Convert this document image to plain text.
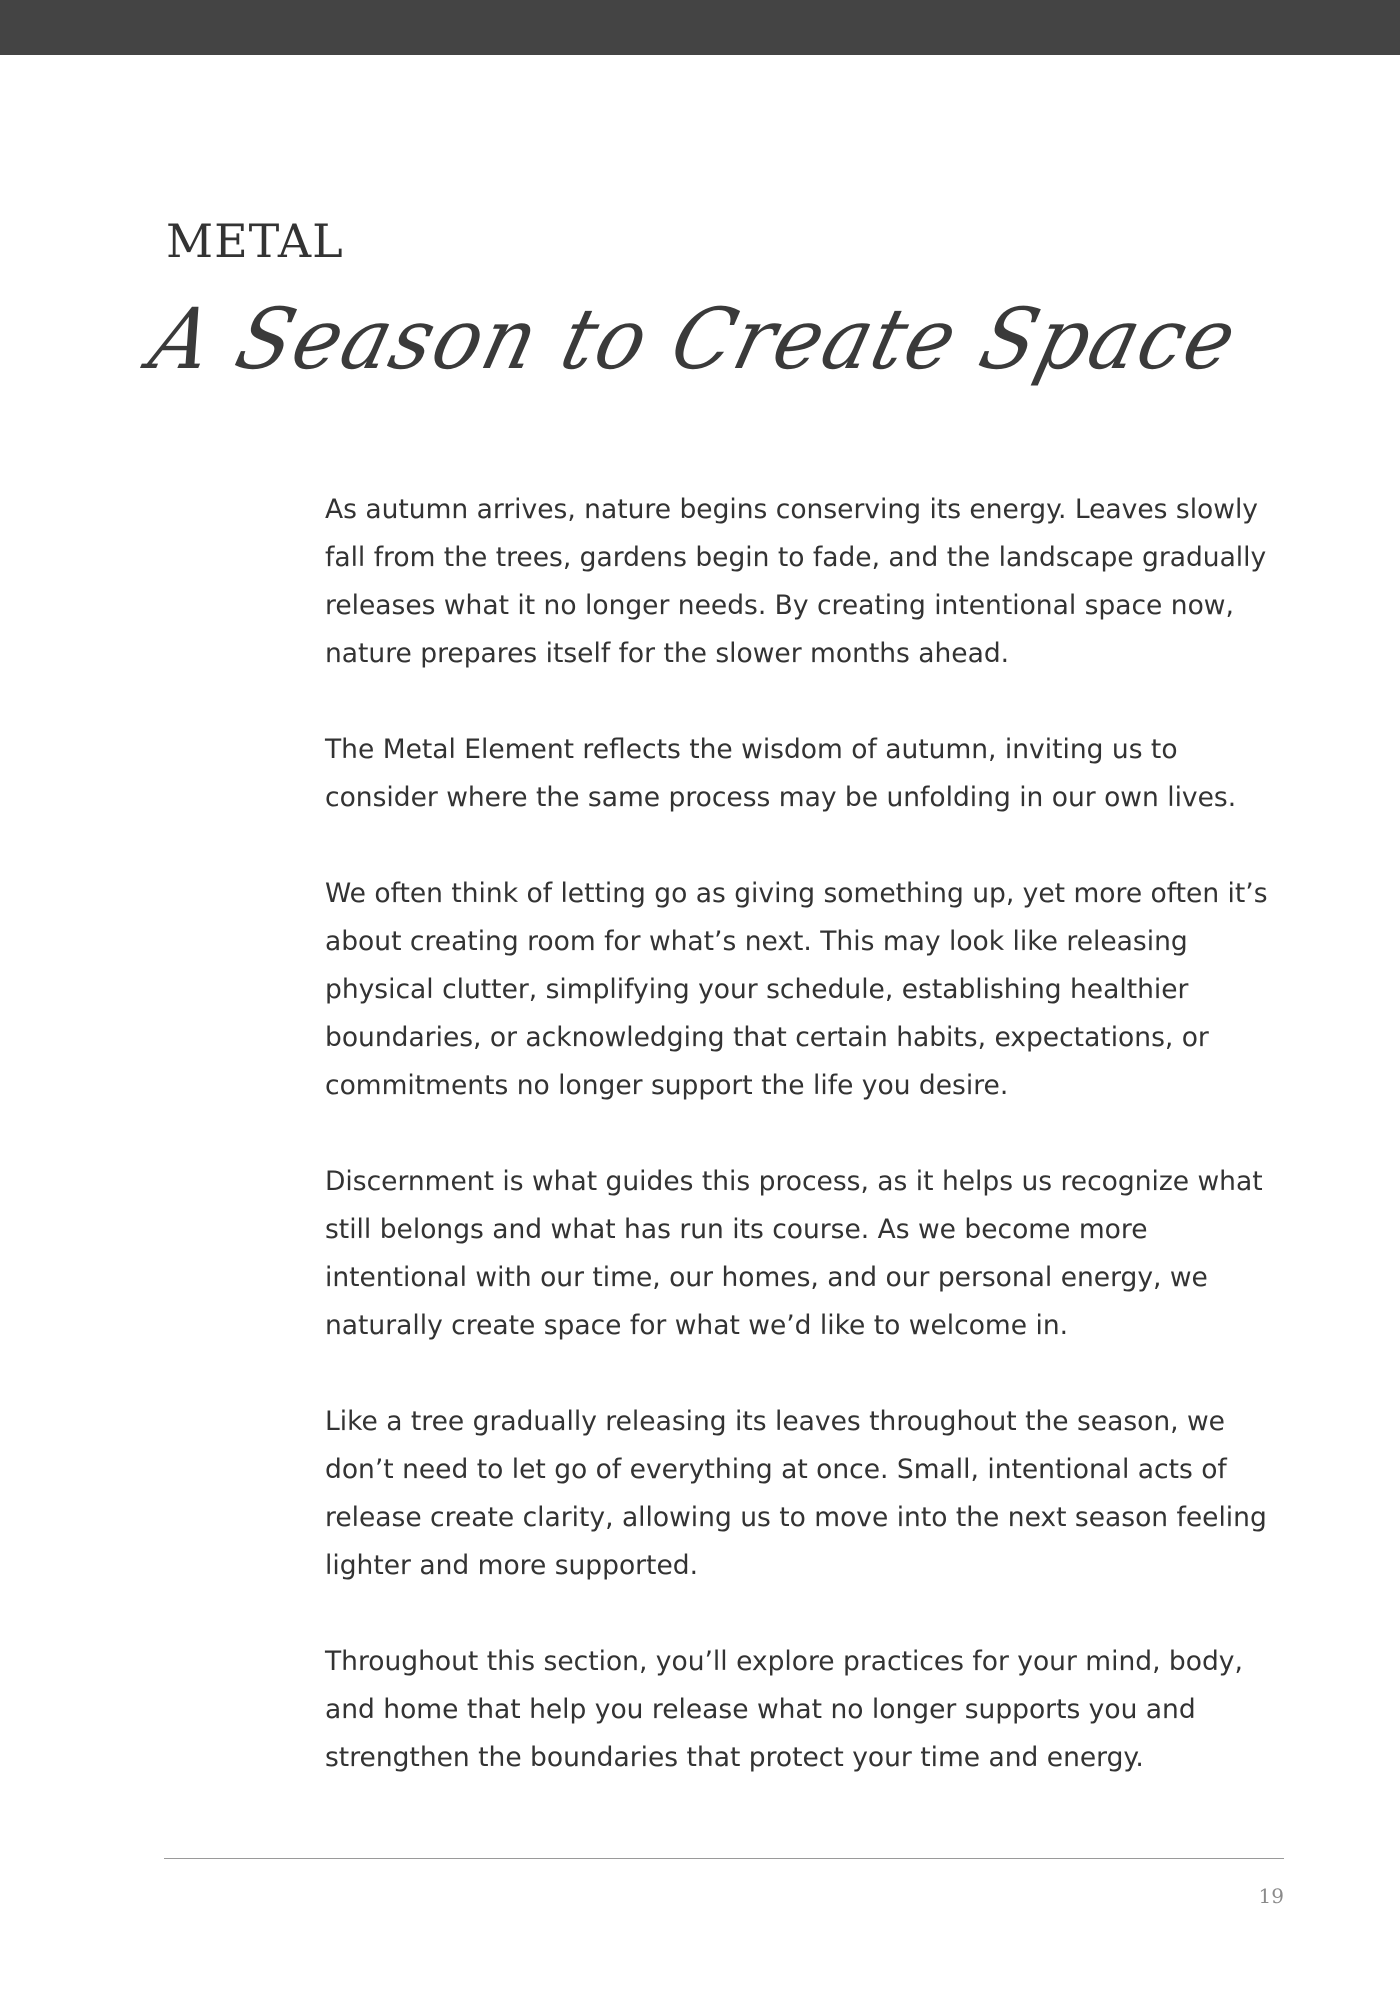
METAL
A Season to Create Space

As autumn arrives, nature begins conserving its energy. Leaves slowly fall from the trees, gardens begin to fade, and the landscape gradually releases what it no longer needs. By creating intentional space now, nature prepares itself for the slower months ahead.

The Metal Element reflects the wisdom of autumn, inviting us to consider where the same process may be unfolding in our own lives.

We often think of letting go as giving something up, yet more often it’s about creating room for what’s next. This may look like releasing physical clutter, simplifying your schedule, establishing healthier boundaries, or acknowledging that certain habits, expectations, or commitments no longer support the life you desire.

Discernment is what guides this process, as it helps us recognize what still belongs and what has run its course. As we become more intentional with our time, our homes, and our personal energy, we naturally create space for what we’d like to welcome in.

Like a tree gradually releasing its leaves throughout the season, we don’t need to let go of everything at once. Small, intentional acts of release create clarity, allowing us to move into the next season feeling lighter and more supported.

Throughout this section, you’ll explore practices for your mind, body, and home that help you release what no longer supports you and strengthen the boundaries that protect your time and energy.

19
